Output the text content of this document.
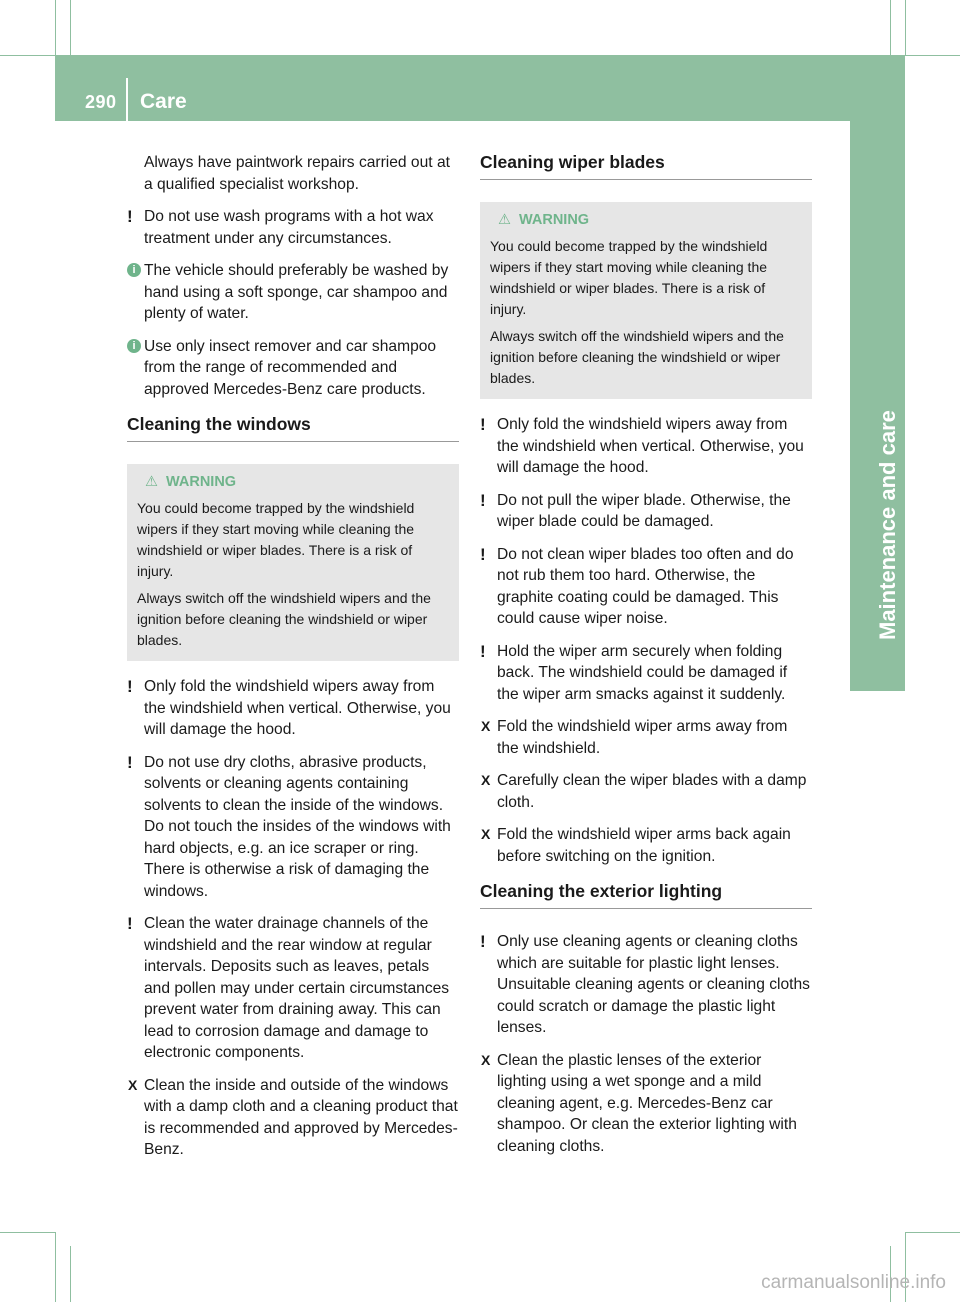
290 Care
Maintenance and care

Always have paintwork repairs carried out at a qualified specialist workshop.

! Do not use wash programs with a hot wax treatment under any circumstances.
i The vehicle should preferably be washed by hand using a soft sponge, car shampoo and plenty of water.
i Use only insect remover and car shampoo from the range of recommended and approved Mercedes-Benz care products.
Cleaning the windows
⚠ WARNING

You could become trapped by the windshield wipers if they start moving while cleaning the windshield or wiper blades. There is a risk of injury.

Always switch off the windshield wipers and the ignition before cleaning the windshield or wiper blades.

! Only fold the windshield wipers away from the windshield when vertical. Otherwise, you will damage the hood.
! Do not use dry cloths, abrasive products, solvents or cleaning agents containing solvents to clean the inside of the windows. Do not touch the insides of the windows with hard objects, e.g. an ice scraper or ring. There is otherwise a risk of damaging the windows.
! Clean the water drainage channels of the windshield and the rear window at regular intervals. Deposits such as leaves, petals and pollen may under certain circumstances prevent water from draining away. This can lead to corrosion damage and damage to electronic components.
X Clean the inside and outside of the windows with a damp cloth and a cleaning product that is recommended and approved by Mercedes-Benz.
Cleaning wiper blades
⚠ WARNING

You could become trapped by the windshield wipers if they start moving while cleaning the windshield or wiper blades. There is a risk of injury.

Always switch off the windshield wipers and the ignition before cleaning the windshield or wiper blades.

! Only fold the windshield wipers away from the windshield when vertical. Otherwise, you will damage the hood.
! Do not pull the wiper blade. Otherwise, the wiper blade could be damaged.
! Do not clean wiper blades too often and do not rub them too hard. Otherwise, the graphite coating could be damaged. This could cause wiper noise.
! Hold the wiper arm securely when folding back. The windshield could be damaged if the wiper arm smacks against it suddenly.
X Fold the windshield wiper arms away from the windshield.
X Carefully clean the wiper blades with a damp cloth.
X Fold the windshield wiper arms back again before switching on the ignition.
Cleaning the exterior lighting
! Only use cleaning agents or cleaning cloths which are suitable for plastic light lenses. Unsuitable cleaning agents or cleaning cloths could scratch or damage the plastic light lenses.
X Clean the plastic lenses of the exterior lighting using a wet sponge and a mild cleaning agent, e.g. Mercedes-Benz car shampoo. Or clean the exterior lighting with cleaning cloths.
carmanualsonline.info
